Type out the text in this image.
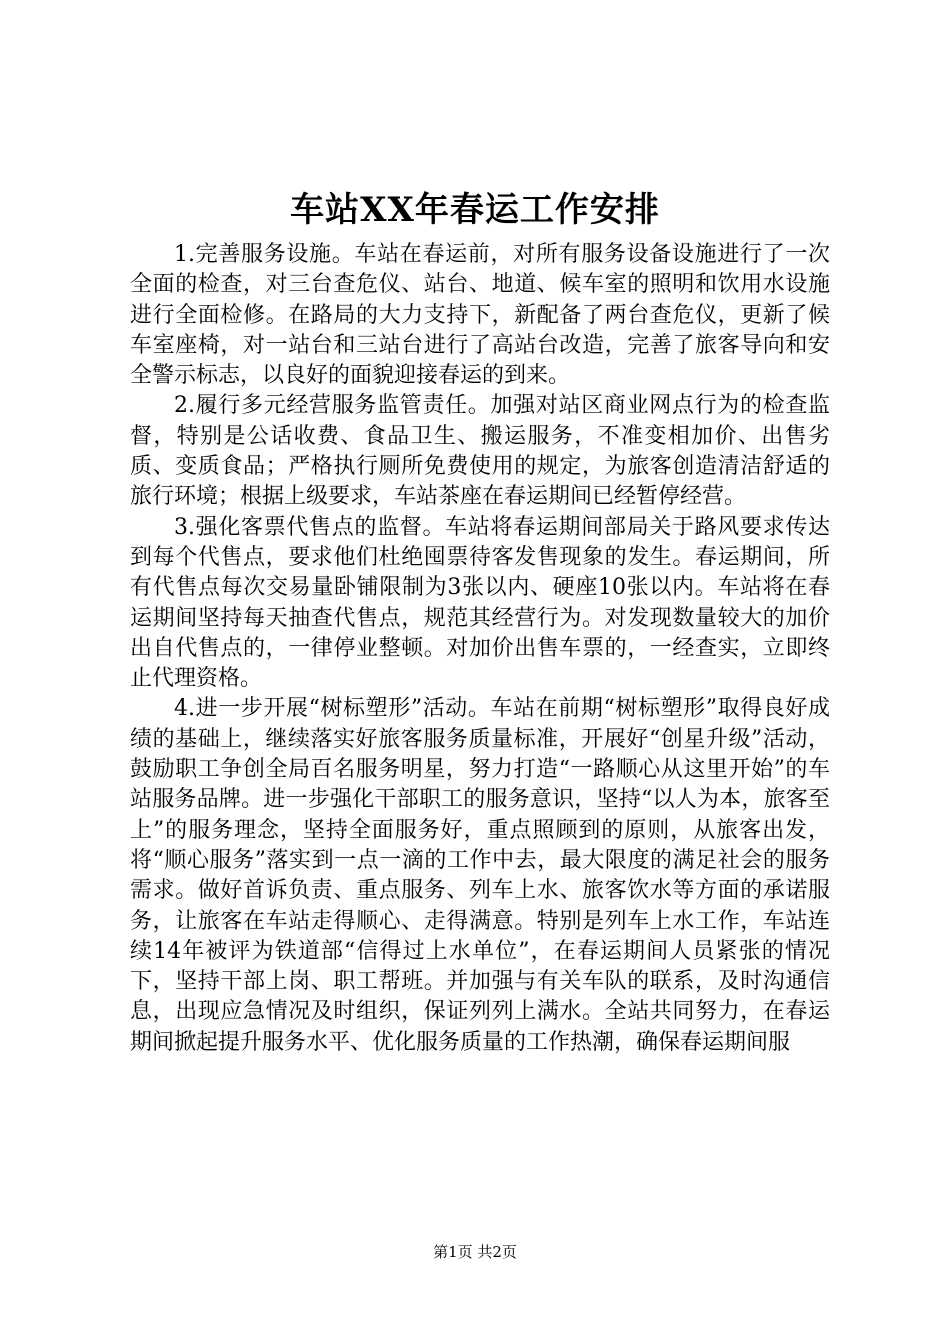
车站XX年春运工作安排

1.完善服务设施。车站在春运前，对所有服务设备设施进行了一次全面的检查，对三台查危仪、站台、地道、候车室的照明和饮用水设施进行全面检修。在路局的大力支持下，新配备了两台查危仪，更新了候车室座椅，对一站台和三站台进行了高站台改造，完善了旅客导向和安全警示标志，以良好的面貌迎接春运的到来。

2.履行多元经营服务监管责任。加强对站区商业网点行为的检查监督，特别是公话收费、食品卫生、搬运服务，不准变相加价、出售劣质、变质食品；严格执行厕所免费使用的规定，为旅客创造清洁舒适的旅行环境；根据上级要求，车站茶座在春运期间已经暂停经营。

3.强化客票代售点的监督。车站将春运期间部局关于路风要求传达到每个代售点，要求他们杜绝囤票待客发售现象的发生。春运期间，所有代售点每次交易量卧铺限制为3张以内、硬座10张以内。车站将在春运期间坚持每天抽查代售点，规范其经营行为。对发现数量较大的加价出自代售点的，一律停业整顿。对加价出售车票的，一经查实，立即终止代理资格。

4.进一步开展“树标塑形”活动。车站在前期“树标塑形”取得良好成绩的基础上，继续落实好旅客服务质量标准，开展好“创星升级”活动，鼓励职工争创全局百名服务明星，努力打造“一路顺心从这里开始”的车站服务品牌。进一步强化干部职工的服务意识，坚持“以人为本，旅客至上”的服务理念，坚持全面服务好，重点照顾到的原则，从旅客出发，将“顺心服务”落实到一点一滴的工作中去，最大限度的满足社会的服务需求。做好首诉负责、重点服务、列车上水、旅客饮水等方面的承诺服务，让旅客在车站走得顺心、走得满意。特别是列车上水工作，车站连续14年被评为铁道部“信得过上水单位”，在春运期间人员紧张的情况下，坚持干部上岗、职工帮班。并加强与有关车队的联系，及时沟通信息，出现应急情况及时组织，保证列列上满水。全站共同努力，在春运期间掀起提升服务水平、优化服务质量的工作热潮，确保春运期间服

第1页 共2页
